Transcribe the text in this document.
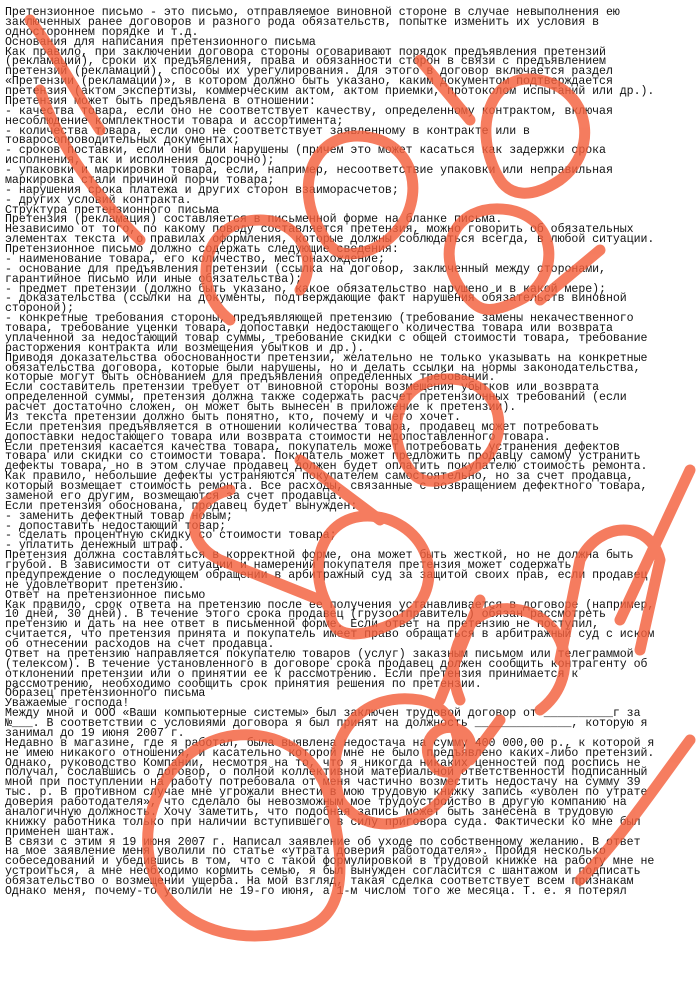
Претензионное письмо - это письмо, отправляемое виновной стороне в случае невыполнения ею
заключенных ранее договоров и разного рода обязательств, попытке изменить их условия в
одностороннем порядке и т.д.
Основания для написания претензионного письма
Как правило, при заключении договора стороны оговаривают порядок предъявления претензий
(рекламаций), сроки их предъявления, права и обязанности сторон в связи с предъявлением
претензий (рекламаций), способы их урегулирования. Для этого в договор включается раздел
«Претензии (рекламации)», в котором должно быть указано, каким документом подтверждается
претензия (актом экспертизы, коммерческим актом, актом приемки, протоколом испытаний или др.).
Претензия может быть предъявлена в отношении:
- качества товара, если оно не соответствует качеству, определенному контрактом, включая
несоблюдение комплектности товара и ассортимента;
- количества товара, если оно не соответствует заявленному в контракте или в
товаросопроводительных документах;
- сроков поставки, если они были нарушены (причем это может касаться как задержки срока
исполнения, так и исполнения досрочно);
- упаковки и маркировки товара, если, например, несоответствие упаковки или неправильная
маркировка стали причиной порчи товара;
- нарушения срока платежа и других сторон взаиморасчетов;
- других условий контракта.
Структура претензионного письма
Претензия (рекламация) составляется в письменной форме на бланке письма.
Независимо от того, по какому поводу составляется претензия, можно говорить об обязательных
элементах текста и о правилах оформления, которые должны соблюдаться всегда, в любой ситуации.
Претензионное письмо должно содержать следующие сведения:
- наименование товара, его количество, местонахождение;
- основание для предъявления претензии (ссылка на договор, заключенный между сторонами,
гарантийное письмо или иные обязательства);
- предмет претензии (должно быть указано, какое обязательство нарушено и в какой мере);
- доказательства (ссылки на документы, подтверждающие факт нарушения обязательств виновной
стороной);
- конкретные требования стороны, предъявляющей претензию (требование замены некачественного
товара, требование уценки товара, допоставки недостающего количества товара или возврата
уплаченной за недостающий товар суммы, требование скидки с общей стоимости товара, требование
расторжения контракта или возмещения убытков и др.).
Приводя доказательства обоснованности претензии, желательно не только указывать на конкретные
обязательства договора, которые были нарушены, но и делать ссылки на нормы законодательства,
которые могут быть основанием для предъявления определенных требований.
Если составитель претензии требует от виновной стороны возмещения убытков или возврата
определенной суммы, претензия должна также содержать расчет претензионных требований (если
расчет достаточно сложен, он может быть вынесен в приложение к претензии).
Из текста претензии должно быть понятно, кто, почему и чего хочет.
Если претензия предъявляется в отношении количества товара, продавец может потребовать
допоставки недостающего товара или возврата стоимости недопоставленного товара.
Если претензия касается качества товара, покупатель может потребовать устранения дефектов
товара или скидки со стоимости товара. Покупатель может предложить продавцу самому устранить
дефекты товара, но в этом случае продавец должен будет оплатить покупателю стоимость ремонта.
Как правило, небольшие дефекты устраняются покупателем самостоятельно, но за счет продавца,
который возмещает стоимость ремонта. Все расходы, связанные с возвращением дефектного товара,
заменой его другим, возмещаются за счет продавца.
Если претензия обоснована, продавец будет вынужден:
- заменить дефектный товар новым;
- допоставить недостающий товар;
- сделать процентную скидку со стоимости товара;
- уплатить денежный штраф.
Претензия должна составляться в корректной форме, она может быть жесткой, но не должна быть
грубой. В зависимости от ситуации и намерений покупателя претензия может содержать
предупреждение о последующем обращении в арбитражный суд за защитой своих прав, если продавец
не удовлетворит претензию.
Ответ на претензионное письмо
Как правило, срок ответа на претензию после ее получения устанавливается в договоре (например,
10 дней, 30 дней). В течение этого срока продавец (грузоотправитель) обязан рассмотреть
претензию и дать на нее ответ в письменной форме. Если ответ на претензию не поступил,
считается, что претензия принята и покупатель имеет право обращаться в арбитражный суд с иском
об отнесении расходов на счет продавца.
Ответ на претензию направляется покупателю товаров (услуг) заказным письмом или телеграммой
(телексом). В течение установленного в договоре срока продавец должен сообщить контрагенту об
отклонении претензии или о принятии ее к рассмотрению. Если претензия принимается к
рассмотрению, необходимо сообщить срок принятия решения по претензии.
Образец претензионного письма
Уважаемые господа!
Между мной и ООО «Ваши компьютерные системы» был заключен трудовой договор от __________г за
№___. В соответствии с условиями договора я был принят на должность ______________, которую я
занимал до 19 июня 2007 г.
Недавно в магазине, где я работал, была выявлена недостача на сумму 400 000,00 р., к которой я
не имею никакого отношения, и касательно которой мне не было предъявлено каких-либо претензий.
Однако, руководство Компании, несмотря на то, что я никогда никаких ценностей под роспись не
получал, сославшись о договор, о полной коллективной материальной ответственности подписанный
мной при поступлении на работу потребовала от меня частично возместить недостачу на сумму 39
тыс. р. В противном случае мне угрожали внести в мою трудовую книжку запись «уволен по утрате
доверия работодателя», что сделало бы невозможным мое трудоустройство в другую компанию на
аналогичную должность. Хочу заметить, что подобная запись может быть занесена в трудовую
книжку работника только при наличии вступившего в силу приговора суда. Фактически ко мне был
применен шантаж.
В связи с этим я 19 июня 2007 г. Написал заявление об уходе по собственному желанию. В ответ
на мое заявление меня уволили по статье «утрата доверия работодателя». Пройдя несколько
собеседований и убедившись в том, что с такой формулировкой в трудовой книжке на работу мне не
устроиться, а мне необходимо кормить семью, я был вынужден согласится с шантажом и подписать
обязательство о возмещении ущерба. На мой взгляд, такая сделка соответствует всем признакам
Однако меня, почему-то уволили не 19-го июня, а 1-м числом того же месяца. Т. е. я потерял
